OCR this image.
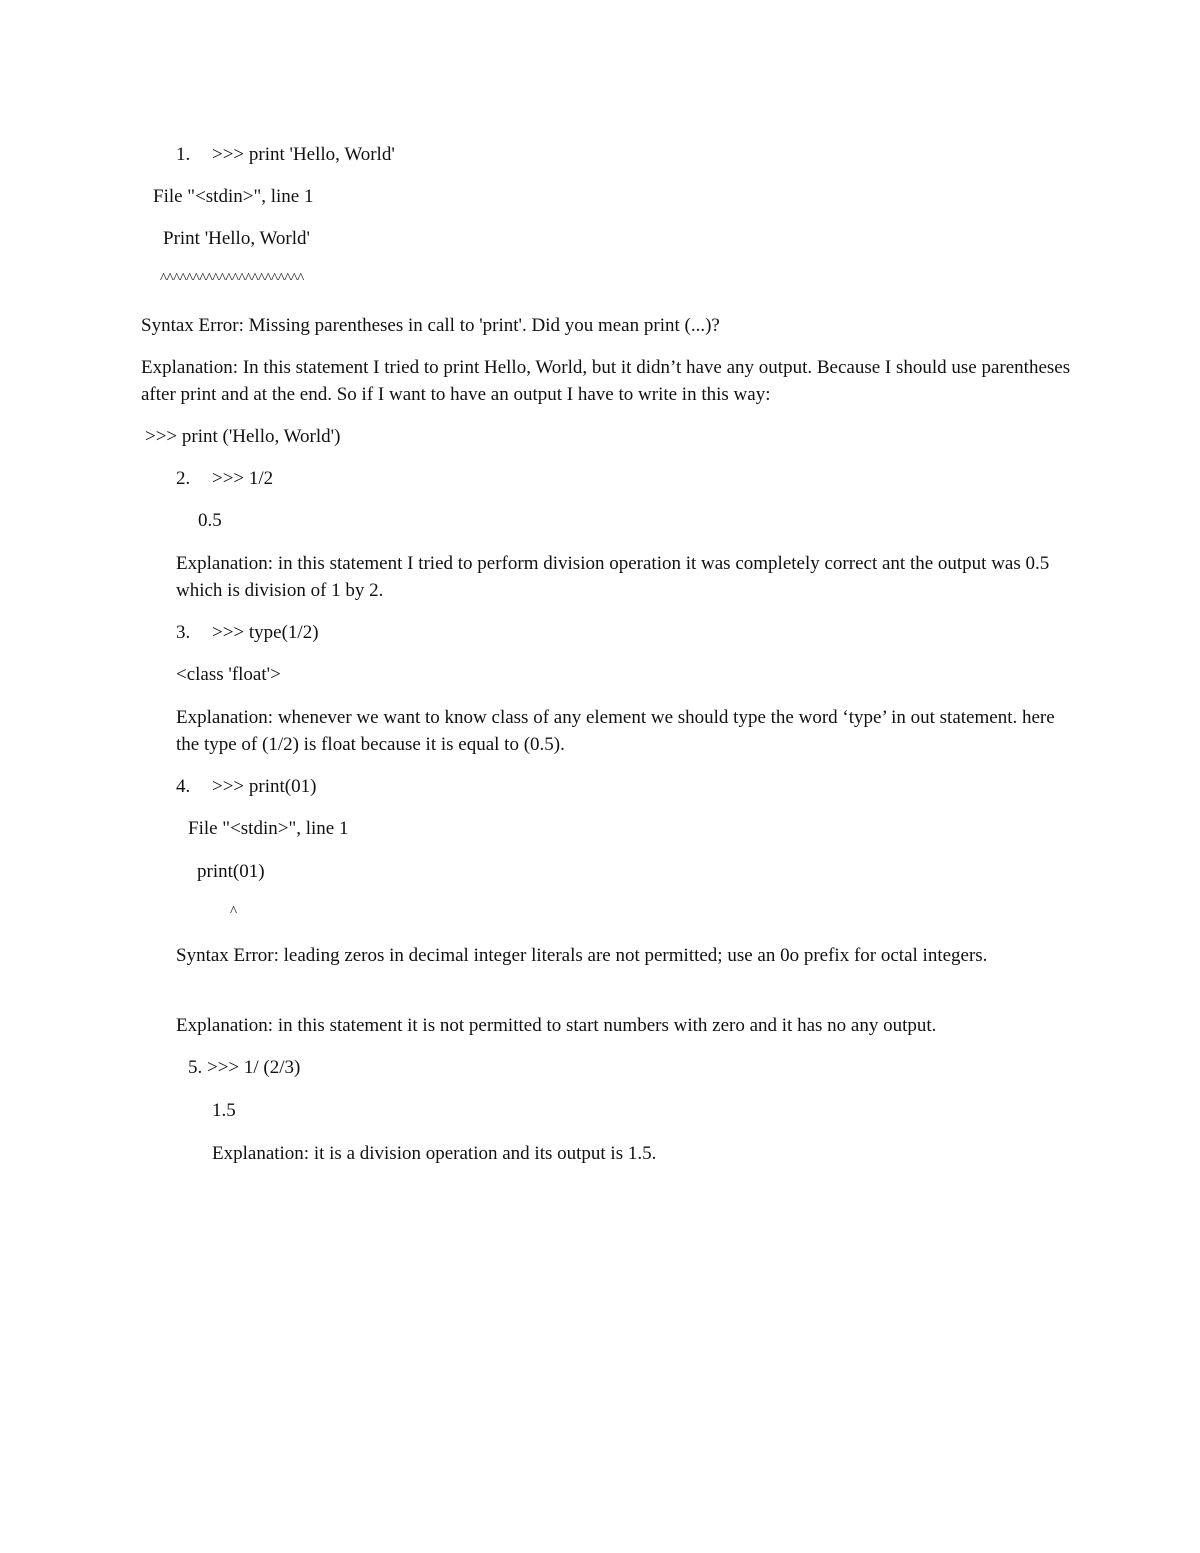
1. >>> print 'Hello, World'
File "<stdin>", line 1
Print 'Hello, World'
^^^^^^^^^^^^^^^^^^^^^^
Syntax Error: Missing parentheses in call to 'print'. Did you mean print (...)?
Explanation: In this statement I tried to print Hello, World, but it didn’t have any output. Because I should use parentheses after print and at the end. So if I want to have an output I have to write in this way:
>>> print ('Hello, World')
2. >>> 1/2
0.5
Explanation: in this statement I tried to perform division operation it was completely correct ant the output was 0.5 which is division of 1 by 2.
3. >>> type(1/2)
<class 'float'>
Explanation: whenever we want to know class of any element we should type the word ‘type’ in out statement. here the type of (1/2) is float because it is equal to (0.5).
4. >>> print(01)
File "<stdin>", line 1
print(01)
^
Syntax Error: leading zeros in decimal integer literals are not permitted; use an 0o prefix for octal integers.
Explanation: in this statement it is not permitted to start numbers with zero and it has no any output.
5. >>> 1/ (2/3)
1.5
Explanation: it is a division operation and its output is 1.5.
